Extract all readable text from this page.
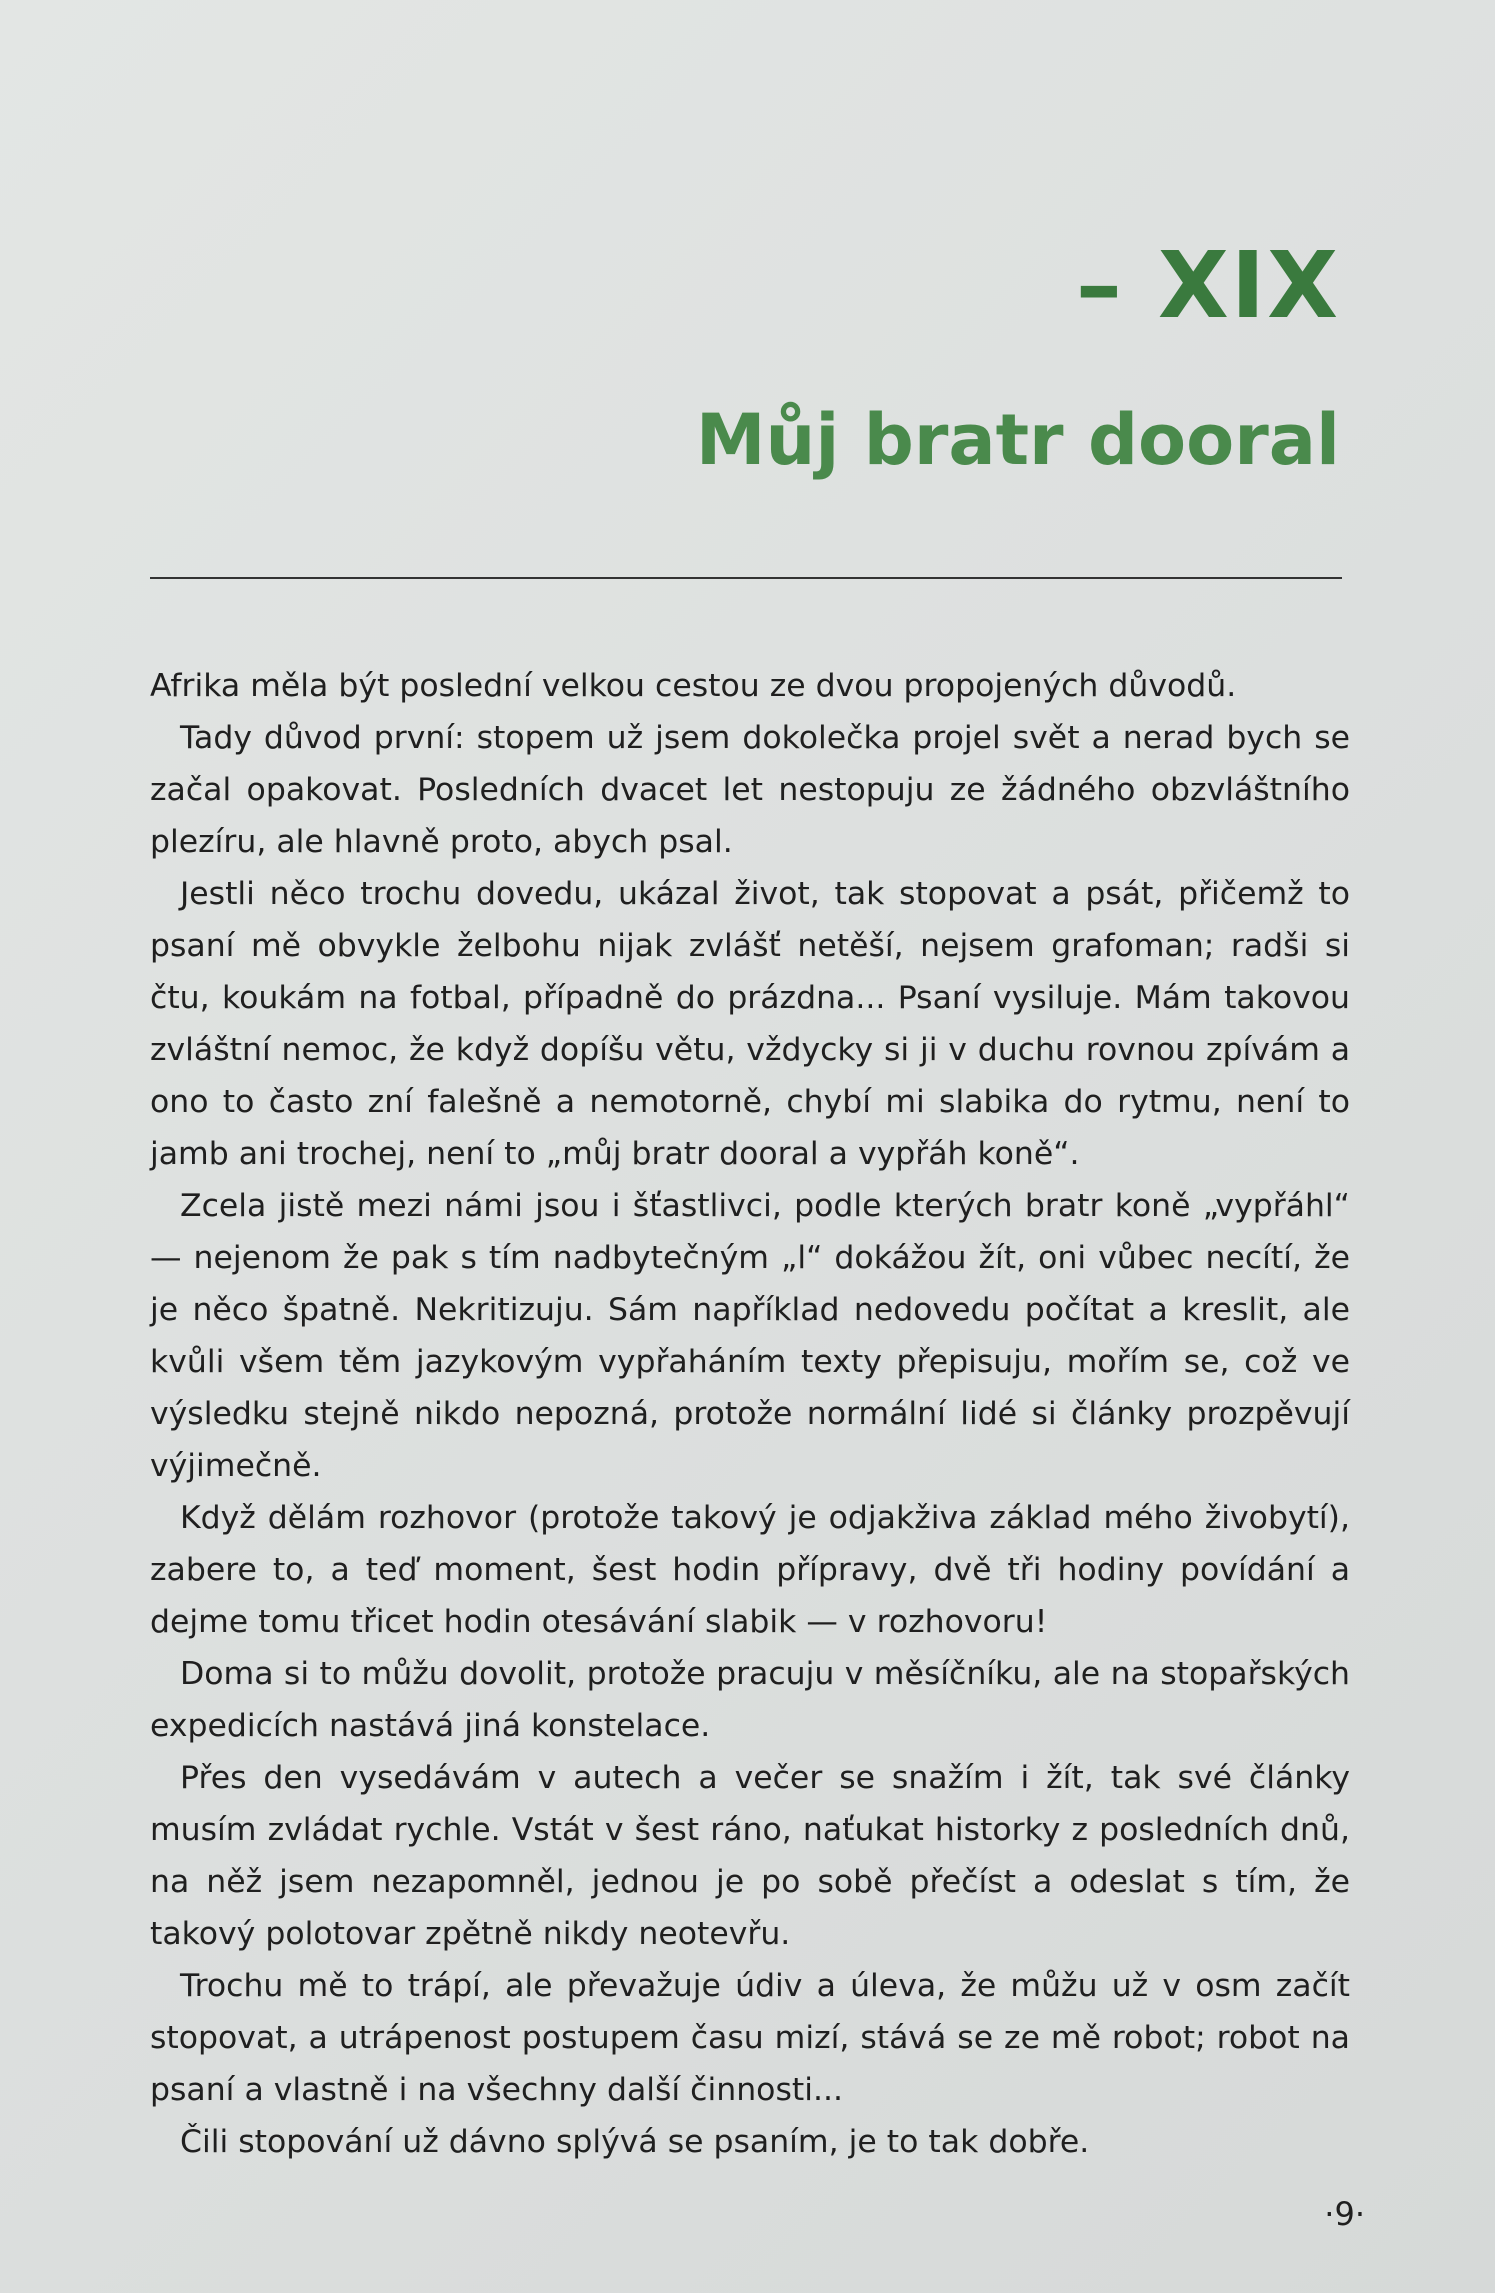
– XIX
Můj bratr dooral

Afrika měla být poslední velkou cestou ze dvou propojených důvodů.

Tady důvod první: stopem už jsem dokolečka projel svět a nerad bych se začal opakovat. Posledních dvacet let nestopuju ze žádného obzvláštního plezíru, ale hlavně proto, abych psal.

Jestli něco trochu dovedu, ukázal život, tak stopovat a psát, přičemž to psaní mě obvykle želbohu nijak zvlášť netěší, nejsem grafoman; radši si čtu, koukám na fotbal, případně do prázdna... Psaní vysiluje. Mám takovou zvláštní nemoc, že když dopíšu větu, vždycky si ji v duchu rovnou zpívám a ono to často zní falešně a nemotorně, chybí mi slabika do rytmu, není to jamb ani trochej, není to „můj bratr dooral a vypřáh koně“.

Zcela jistě mezi námi jsou i šťastlivci, podle kterých bratr koně „vypřáhl“ — nejenom že pak s tím nadbytečným „l“ dokážou žít, oni vůbec necítí, že je něco špatně. Nekritizuju. Sám například nedovedu počítat a kreslit, ale kvůli všem těm jazykovým vypřaháním texty přepisuju, mořím se, což ve výsledku stejně nikdo nepozná, protože normální lidé si články prozpěvují výjimečně.

Když dělám rozhovor (protože takový je odjakživa základ mého živobytí), zabere to, a teď moment, šest hodin přípravy, dvě tři hodiny povídání a dejme tomu třicet hodin otesávání slabik — v rozhovoru!

Doma si to můžu dovolit, protože pracuju v měsíčníku, ale na stopařských expedicích nastává jiná konstelace.

Přes den vysedávám v autech a večer se snažím i žít, tak své články musím zvládat rychle. Vstát v šest ráno, naťukat historky z posledních dnů, na něž jsem nezapomněl, jednou je po sobě přečíst a odeslat s tím, že takový polotovar zpětně nikdy neotevřu.

Trochu mě to trápí, ale převažuje údiv a úleva, že můžu už v osm začít stopovat, a utrápenost postupem času mizí, stává se ze mě robot; robot na psaní a vlastně i na všechny další činnosti...

Čili stopování už dávno splývá se psaním, je to tak dobře.

·9·
